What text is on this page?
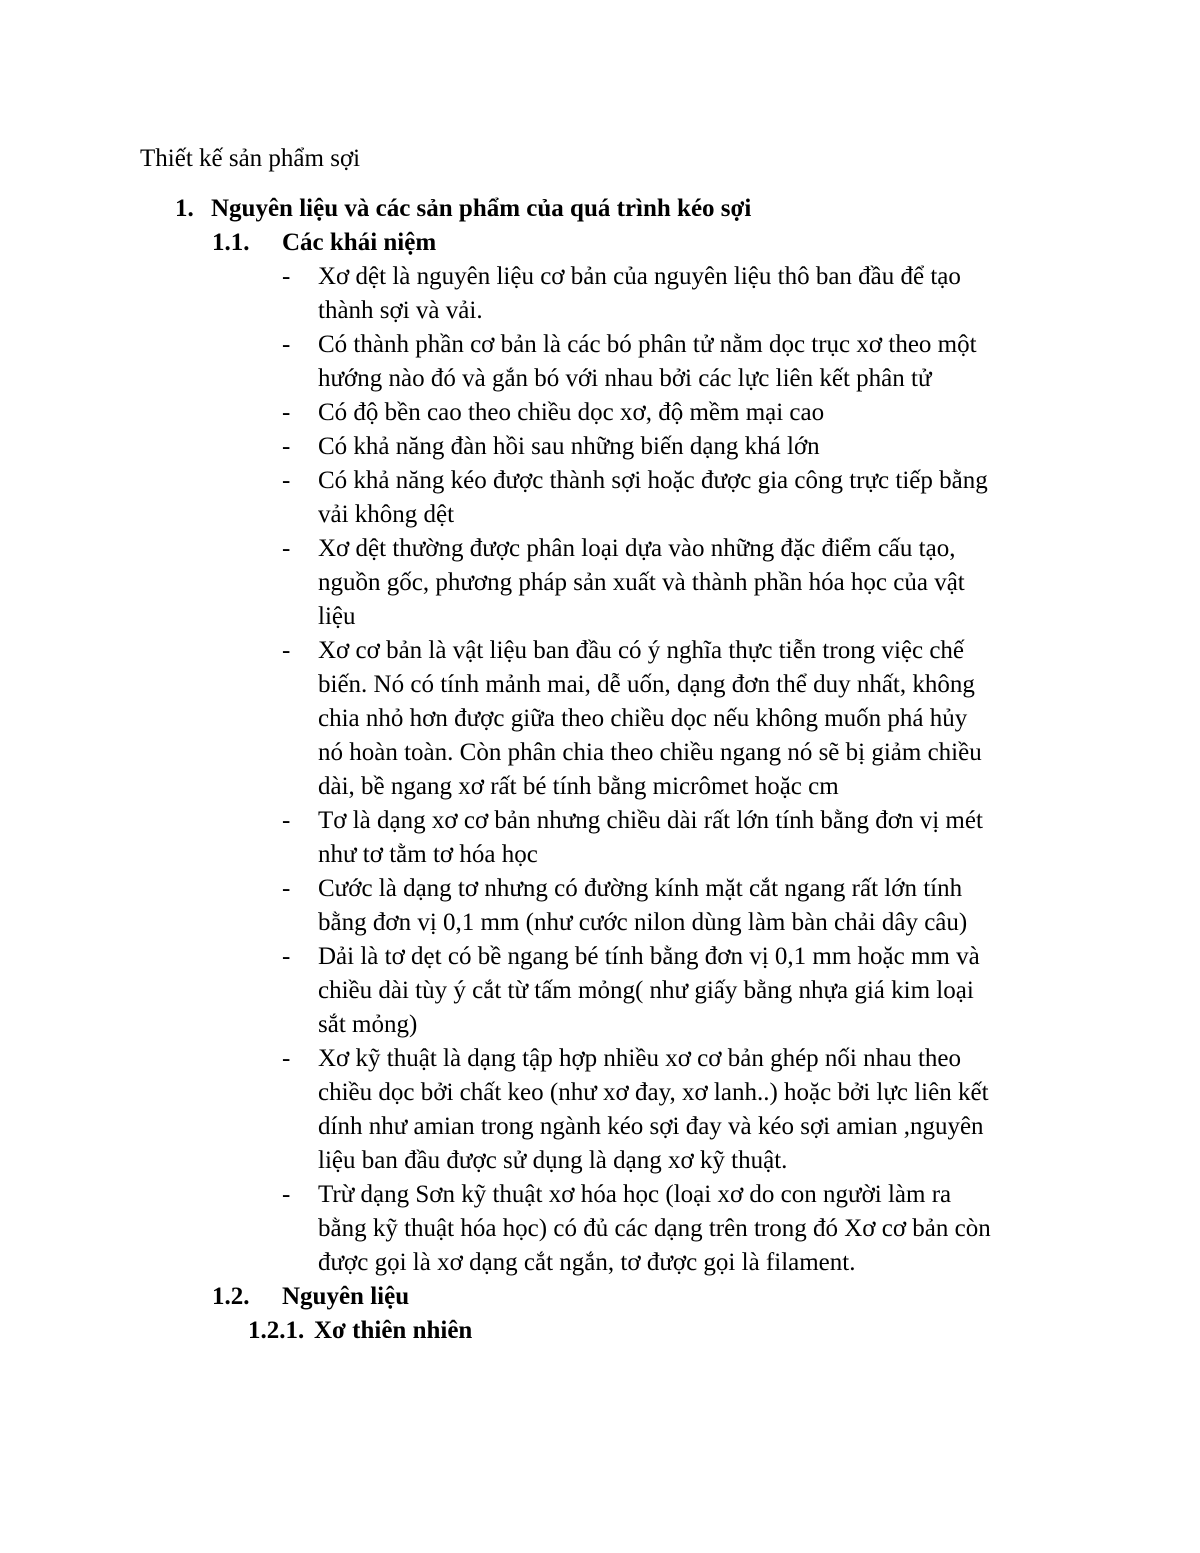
Thiết kế sản phẩm sợi
1. Nguyên liệu và các sản phẩm của quá trình kéo sợi
1.1. Các khái niệm
-	Xơ dệt là nguyên liệu cơ bản của nguyên liệu thô ban đầu để tạo
thành sợi và vải.
-	Có thành phần cơ bản là các bó phân tử nằm dọc trục xơ theo một
hướng nào đó và gắn bó với nhau bởi các lực liên kết phân tử
-	Có độ bền cao theo chiều dọc xơ, độ mềm mại cao
-	Có khả năng đàn hồi sau những biến dạng khá lớn
-	Có khả năng kéo được thành sợi hoặc được gia công trực tiếp bằng
vải không dệt
-	Xơ dệt thường được phân loại dựa vào những đặc điểm cấu tạo,
nguồn gốc, phương pháp sản xuất và thành phần hóa học của vật
liệu
-	Xơ cơ bản là vật liệu ban đầu có ý nghĩa thực tiễn trong việc chế
biến. Nó có tính mảnh mai, dễ uốn, dạng đơn thể duy nhất, không
chia nhỏ hơn được giữa theo chiều dọc nếu không muốn phá hủy
nó hoàn toàn. Còn phân chia theo chiều ngang nó sẽ bị giảm chiều
dài, bề ngang xơ rất bé tính bằng micrômet hoặc cm
-	Tơ là dạng xơ cơ bản nhưng chiều dài rất lớn tính bằng đơn vị mét
như tơ tằm tơ hóa học
-	Cước là dạng tơ nhưng có đường kính mặt cắt ngang rất lớn tính
bằng đơn vị 0,1 mm (như cước nilon dùng làm bàn chải dây câu)
-	Dải là tơ dẹt có bề ngang bé tính bằng đơn vị 0,1 mm hoặc mm và
chiều dài tùy ý cắt từ tấm mỏng( như giấy bằng nhựa giá kim loại
sắt mỏng)
-	Xơ kỹ thuật là dạng tập hợp nhiều xơ cơ bản ghép nối nhau theo
chiều dọc bởi chất keo (như xơ đay, xơ lanh..) hoặc bởi lực liên kết
dính như amian trong ngành kéo sợi đay và kéo sợi amian ,nguyên
liệu ban đầu được sử dụng là dạng xơ kỹ thuật.
-	Trừ dạng Sơn kỹ thuật xơ hóa học (loại xơ do con người làm ra
bằng kỹ thuật hóa học) có đủ các dạng trên trong đó Xơ cơ bản còn
được gọi là xơ dạng cắt ngắn, tơ được gọi là filament.
1.2. Nguyên liệu
1.2.1. Xơ thiên nhiên
